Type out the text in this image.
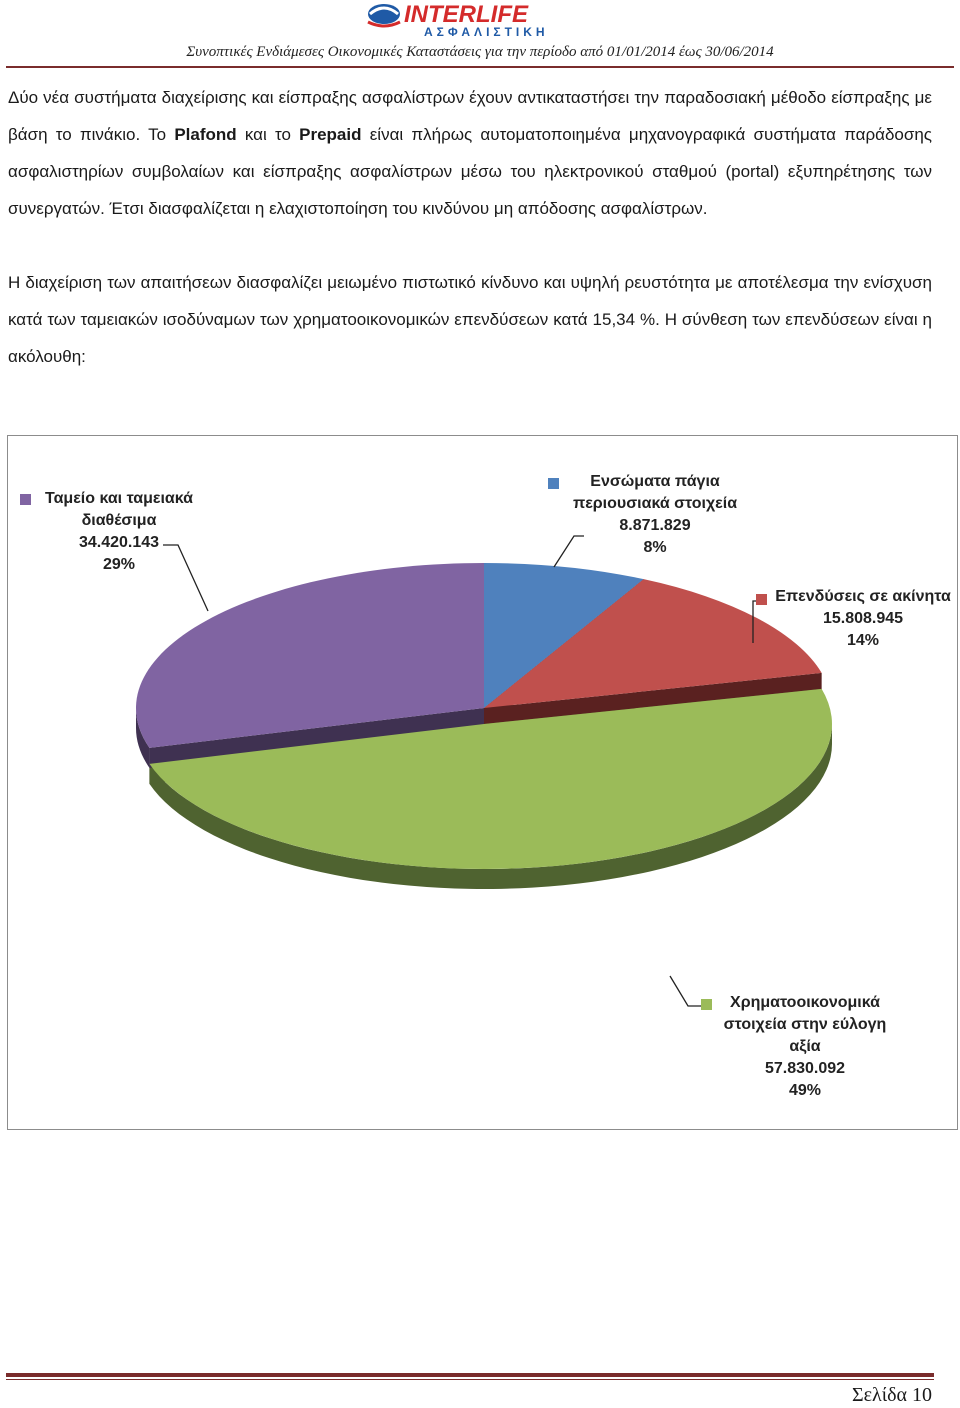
INTERLIFE
ΑΣΦΑΛΙΣΤΙΚΗ
Συνοπτικές Ενδιάμεσες Οικονομικές Καταστάσεις για την περίοδο από 01/01/2014 έως 30/06/2014
Δύο νέα συστήματα διαχείρισης και είσπραξης ασφαλίστρων έχουν αντικαταστήσει την παραδοσιακή μέθοδο είσπραξης με βάση το πινάκιο. Το Plafond και το Prepaid είναι πλήρως αυτοματοποιημένα μηχανογραφικά συστήματα παράδοσης ασφαλιστηρίων συμβολαίων και είσπραξης ασφαλίστρων μέσω του ηλεκτρονικού σταθμού (portal) εξυπηρέτησης των συνεργατών. Έτσι διασφαλίζεται η ελαχιστοποίηση του κινδύνου μη απόδοσης ασφαλίστρων.
Η διαχείριση των απαιτήσεων διασφαλίζει μειωμένο πιστωτικό κίνδυνο και υψηλή ρευστότητα με αποτέλεσμα την ενίσχυση κατά των ταμειακών ισοδύναμων των χρηματοοικονομικών επενδύσεων κατά 15,34 %. Η σύνθεση των επενδύσεων είναι η ακόλουθη:
Ταμείο και ταμειακά
διαθέσιμα
34.420.143
29%
Ενσώματα πάγια
περιουσιακά στοιχεία
8.871.829
8%
Επενδύσεις σε ακίνητα
15.808.945
14%
Χρηματοοικονομικά
στοιχεία στην εύλογη
αξία
57.830.092
49%
Σελίδα 10
